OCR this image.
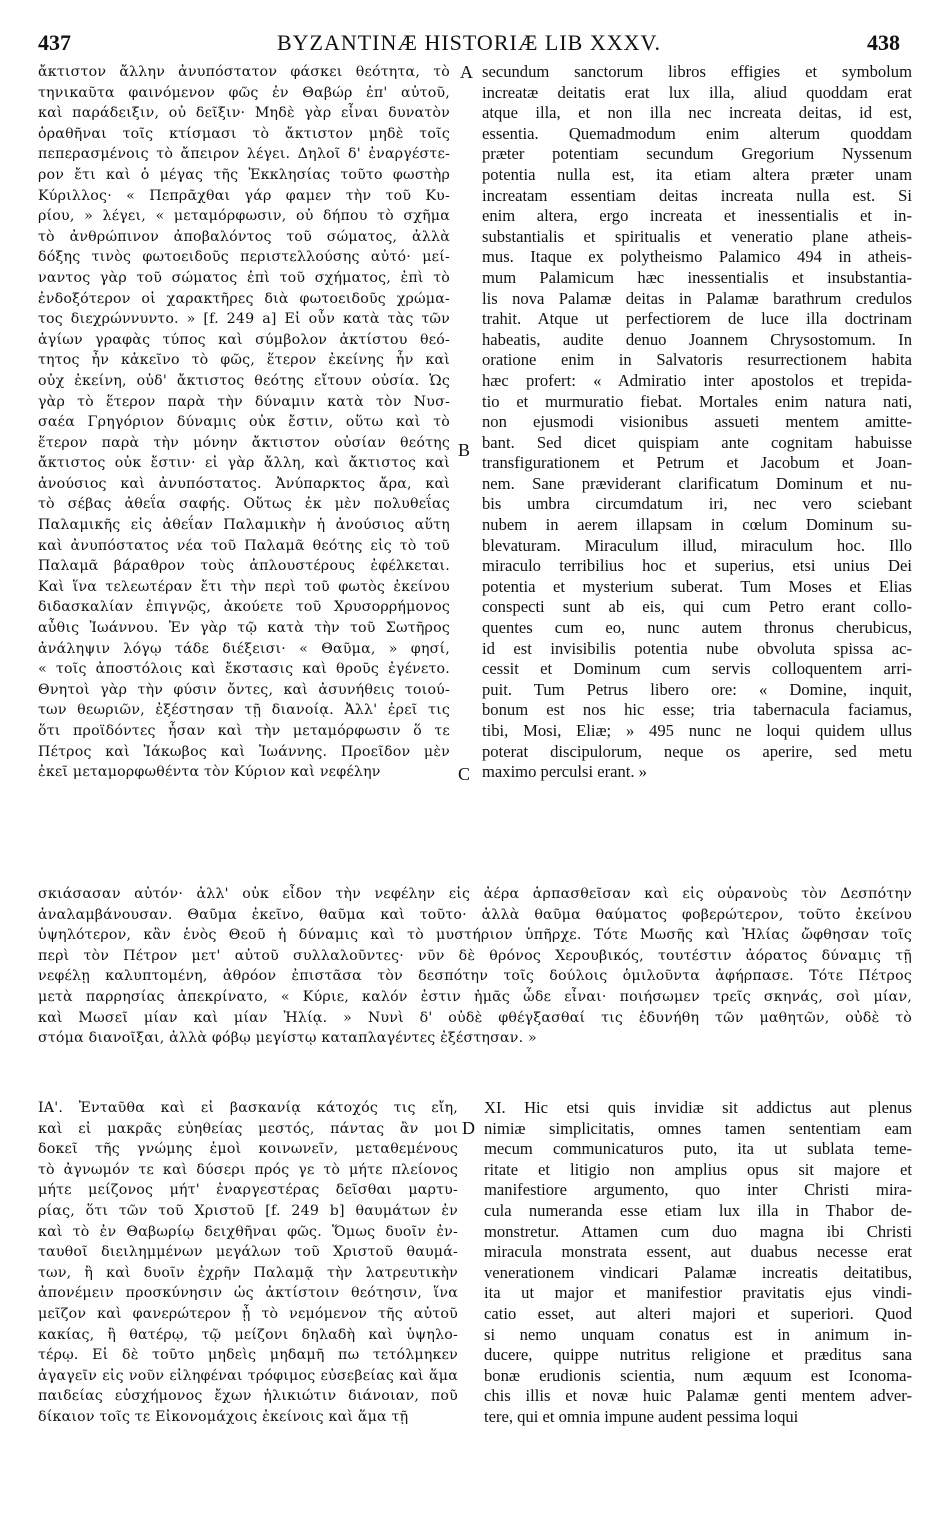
437	BYZANTINÆ HISTORIÆ LIB XXXV.	438
A
B
C
D
ἄκτιστον ἄλλην ἀνυπόστατον φάσκει θεότητα, τὸ
τηνικαῦτα φαινόμενον φῶς ἐν Θαβώρ ἐπ' αὐτοῦ,
καὶ παράδειξιν, οὐ δεῖξιν· Μηδὲ γὰρ εἶναι δυνατὸν
ὁραθῆναι τοῖς κτίσμασι τὸ ἄκτιστον μηδὲ τοῖς
πεπερασμένοις τὸ ἄπειρον λέγει. Δηλοῖ δ' ἐναργέστε-
ρον ἔτι καὶ ὁ μέγας τῆς Ἐκκλησίας τοῦτο φωστὴρ
Κύριλλος· « Πεπρᾶχθαι γάρ φαμεν τὴν τοῦ Κυ-
ρίου, » λέγει, « μεταμόρφωσιν, οὐ δήπου τὸ σχῆμα
τὸ ἀνθρώπινον ἀποβαλόντος τοῦ σώματος, ἀλλὰ
δόξης τινὸς φωτοειδοῦς περιστελλούσης αὐτό· μεί-
ναντος γὰρ τοῦ σώματος ἐπὶ τοῦ σχήματος, ἐπὶ τὸ
ἐνδοξότερον οἱ χαρακτῆρες διὰ φωτοειδοῦς χρώμα-
τος διεχρώννυντο. » [f. 249 a] Εἰ οὖν κατὰ τὰς τῶν
ἁγίων γραφὰς τύπος καὶ σύμβολον ἀκτίστου θεό-
τητος ἦν κἀκεῖνο τὸ φῶς, ἕτερον ἐκείνης ἦν καὶ
οὐχ ἐκείνη, οὐδ' ἄκτιστος θεότης εἴτουν οὐσία. Ὡς
γὰρ τὸ ἕτερον παρὰ τὴν δύναμιν κατὰ τὸν Νυσ-
σαέα Γρηγόριον δύναμις οὐκ ἔστιν, οὕτω καὶ τὸ
ἕτερον παρὰ τὴν μόνην ἄκτιστον οὐσίαν θεότης
ἄκτιστος οὐκ ἔστιν· εἰ γὰρ ἄλλη, καὶ ἄκτιστος καὶ
ἀνούσιος καὶ ἀνυπόστατος. Ἀνύπαρκτος ἄρα, καὶ
τὸ σέβας ἀθεΐα σαφής. Οὕτως ἐκ μὲν πολυθεΐας
Παλαμικῆς εἰς ἀθεΐαν Παλαμικὴν ἡ ἀνούσιος αὕτη
καὶ ἀνυπόστατος νέα τοῦ Παλαμᾶ θεότης εἰς τὸ τοῦ
Παλαμᾶ βάραθρον τοὺς ἁπλουστέρους ἐφέλκεται.
Καὶ ἵνα τελεωτέραν ἔτι τὴν περὶ τοῦ φωτὸς ἐκείνου
διδασκαλίαν ἐπιγνῷς, ἀκούετε τοῦ Χρυσορρήμονος
αὖθις Ἰωάννου. Ἐν γὰρ τῷ κατὰ τὴν τοῦ Σωτῆρος
ἀνάληψιν λόγῳ τάδε διέξεισι· « Θαῦμα, » φησί,
« τοῖς ἀποστόλοις καὶ ἔκστασις καὶ θροῦς ἐγένετο.
Θνητοὶ γὰρ τὴν φύσιν ὄντες, καὶ ἀσυνήθεις τοιού-
των θεωριῶν, ἐξέστησαν τῇ διανοίᾳ. Ἀλλ' ἐρεῖ τις
ὅτι προϊδόντες ἦσαν καὶ τὴν μεταμόρφωσιν ὅ τε
Πέτρος καὶ Ἰάκωβος καὶ Ἰωάννης. Προεῖδον μὲν
ἐκεῖ μεταμορφωθέντα τὸν Κύριον καὶ νεφέλην
secundum sanctorum libros effigies et symbolum
increatæ deitatis erat lux illa, aliud quoddam erat
atque illa, et non illa nec increata deitas, id est,
essentia. Quemadmodum enim alterum quoddam
præter potentiam secundum Gregorium Nyssenum
potentia nulla est, ita etiam altera præter unam
increatam essentiam deitas increata nulla est. Si
enim altera, ergo increata et inessentialis et in-
substantialis et spiritualis et veneratio plane atheis-
mus. Itaque ex polytheismo Palamico 494 in atheis-
mum Palamicum hæc inessentialis et insubstantia-
lis nova Palamæ deitas in Palamæ barathrum credulos
trahit. Atque ut perfectiorem de luce illa doctrinam
habeatis, audite denuo Joannem Chrysostomum. In
oratione enim in Salvatoris resurrectionem habita
hæc profert: « Admiratio inter apostolos et trepida-
tio et murmuratio fiebat. Mortales enim natura nati,
non ejusmodi visionibus assueti mentem amitte-
bant. Sed dicet quispiam ante cognitam habuisse
transfigurationem et Petrum et Jacobum et Joan-
nem. Sane præviderant clarificatum Dominum et nu-
bis umbra circumdatum iri, nec vero sciebant
nubem in aerem illapsam in cœlum Dominum su-
blevaturam. Miraculum illud, miraculum hoc. Illo
miraculo terribilius hoc et superius, etsi unius Dei
potentia et mysterium suberat. Tum Moses et Elias
conspecti sunt ab eis, qui cum Petro erant collo-
quentes cum eo, nunc autem thronus cherubicus,
id est invisibilis potentia nube obvoluta spissa ac-
cessit et Dominum cum servis colloquentem arri-
puit. Tum Petrus libero ore: « Domine, inquit,
bonum est nos hic esse; tria tabernacula faciamus,
tibi, Mosi, Eliæ; » 495 nunc ne loqui quidem ullus
poterat discipulorum, neque os aperire, sed metu
maximo perculsi erant. »
σκιάσασαν αὐτόν· ἀλλ' οὐκ εἶδον τὴν νεφέλην εἰς ἀέρα ἁρπασθεῖσαν καὶ εἰς οὐρανοὺς τὸν Δεσπότην
ἀναλαμβάνουσαν. Θαῦμα ἐκεῖνο, θαῦμα καὶ τοῦτο· ἀλλὰ θαῦμα θαύματος φοβερώτερον, τοῦτο ἐκείνου
ὑψηλότερον, κἂν ἑνὸς Θεοῦ ἡ δύναμις καὶ τὸ μυστήριον ὑπῆρχε. Τότε Μωσῆς καὶ Ἠλίας ὤφθησαν τοῖς
περὶ τὸν Πέτρον μετ' αὐτοῦ συλλαλοῦντες· νῦν δὲ θρόνος Χερουβικός, τουτέστιν ἀόρατος δύναμις τῇ
νεφέλῃ καλυπτομένη, ἀθρόον ἐπιστᾶσα τὸν δεσπότην τοῖς δούλοις ὁμιλοῦντα ἀφήρπασε. Τότε Πέτρος
μετὰ παρρησίας ἀπεκρίνατο, « Κύριε, καλόν ἐστιν ἡμᾶς ὧδε εἶναι· ποιήσωμεν τρεῖς σκηνάς, σοὶ μίαν,
καὶ Μωσεῖ μίαν καὶ μίαν Ἠλίᾳ. » Νυνὶ δ' οὐδὲ φθέγξασθαί τις ἐδυνήθη τῶν μαθητῶν, οὐδὲ τὸ
στόμα διανοῖξαι, ἀλλὰ φόβῳ μεγίστῳ καταπλαγέντες ἐξέστησαν. »
ΙΑ'. Ἐνταῦθα καὶ εἰ βασκανίᾳ κάτοχός τις εἴη,
καὶ εἰ μακρᾶς εὐηθείας μεστός, πάντας ἂν μοι
δοκεῖ τῆς γνώμης ἐμοὶ κοινωνεῖν, μεταθεμένους
τὸ ἀγνωμόν τε καὶ δύσερι πρός γε τὸ μήτε πλείονος
μήτε μείζονος μήτ' ἐναργεστέρας δεῖσθαι μαρτυ-
ρίας, ὅτι τῶν τοῦ Χριστοῦ [f. 249 b] θαυμάτων ἐν
καὶ τὸ ἐν Θαβωρίῳ δειχθῆναι φῶς. Ὅμως δυοῖν ἐν-
ταυθοῖ διειλημμένων μεγάλων τοῦ Χριστοῦ θαυμά-
των, ἢ καὶ δυοῖν ἐχρῆν Παλαμᾷ τὴν λατρευτικὴν
ἀπονέμειν προσκύνησιν ὡς ἀκτίστοιν θεότησιν, ἵνα
μεῖζον καὶ φανερώτερον ᾖ τὸ νεμόμενον τῆς αὐτοῦ
κακίας, ἢ θατέρῳ, τῷ μείζονι δηλαδὴ καὶ ὑψηλο-
τέρῳ. Εἰ δὲ τοῦτο μηδεὶς μηδαμῆ πω τετόλμηκεν
ἀγαγεῖν εἰς νοῦν εἰληφέναι τρόφιμος εὐσεβείας καὶ ἅμα
παιδείας εὐσχήμονος ἔχων ἡλικιώτιν διάνοιαν, ποῦ
δίκαιον τοῖς τε Εἰκονομάχοις ἐκείνοις καὶ ἅμα τῇ
XI. Hic etsi quis invidiæ sit addictus aut plenus
nimiæ simplicitatis, omnes tamen sententiam eam
mecum communicaturos puto, ita ut sublata teme-
ritate et litigio non amplius opus sit majore et
manifestiore argumento, quo inter Christi mira-
cula numeranda esse etiam lux illa in Thabor de-
monstretur. Attamen cum duo magna ibi Christi
miracula monstrata essent, aut duabus necesse erat
venerationem vindicari Palamæ increatis deitatibus,
ita ut major et manifestior pravitatis ejus vindi-
catio esset, aut alteri majori et superiori. Quod
si nemo unquam conatus est in animum in-
ducere, quippe nutritus religione et præditus sana
bonæ erudionis scientia, num æquum est Iconoma-
chis illis et novæ huic Palamæ genti mentem adver-
tere, qui et omnia impune audent pessima loqui
